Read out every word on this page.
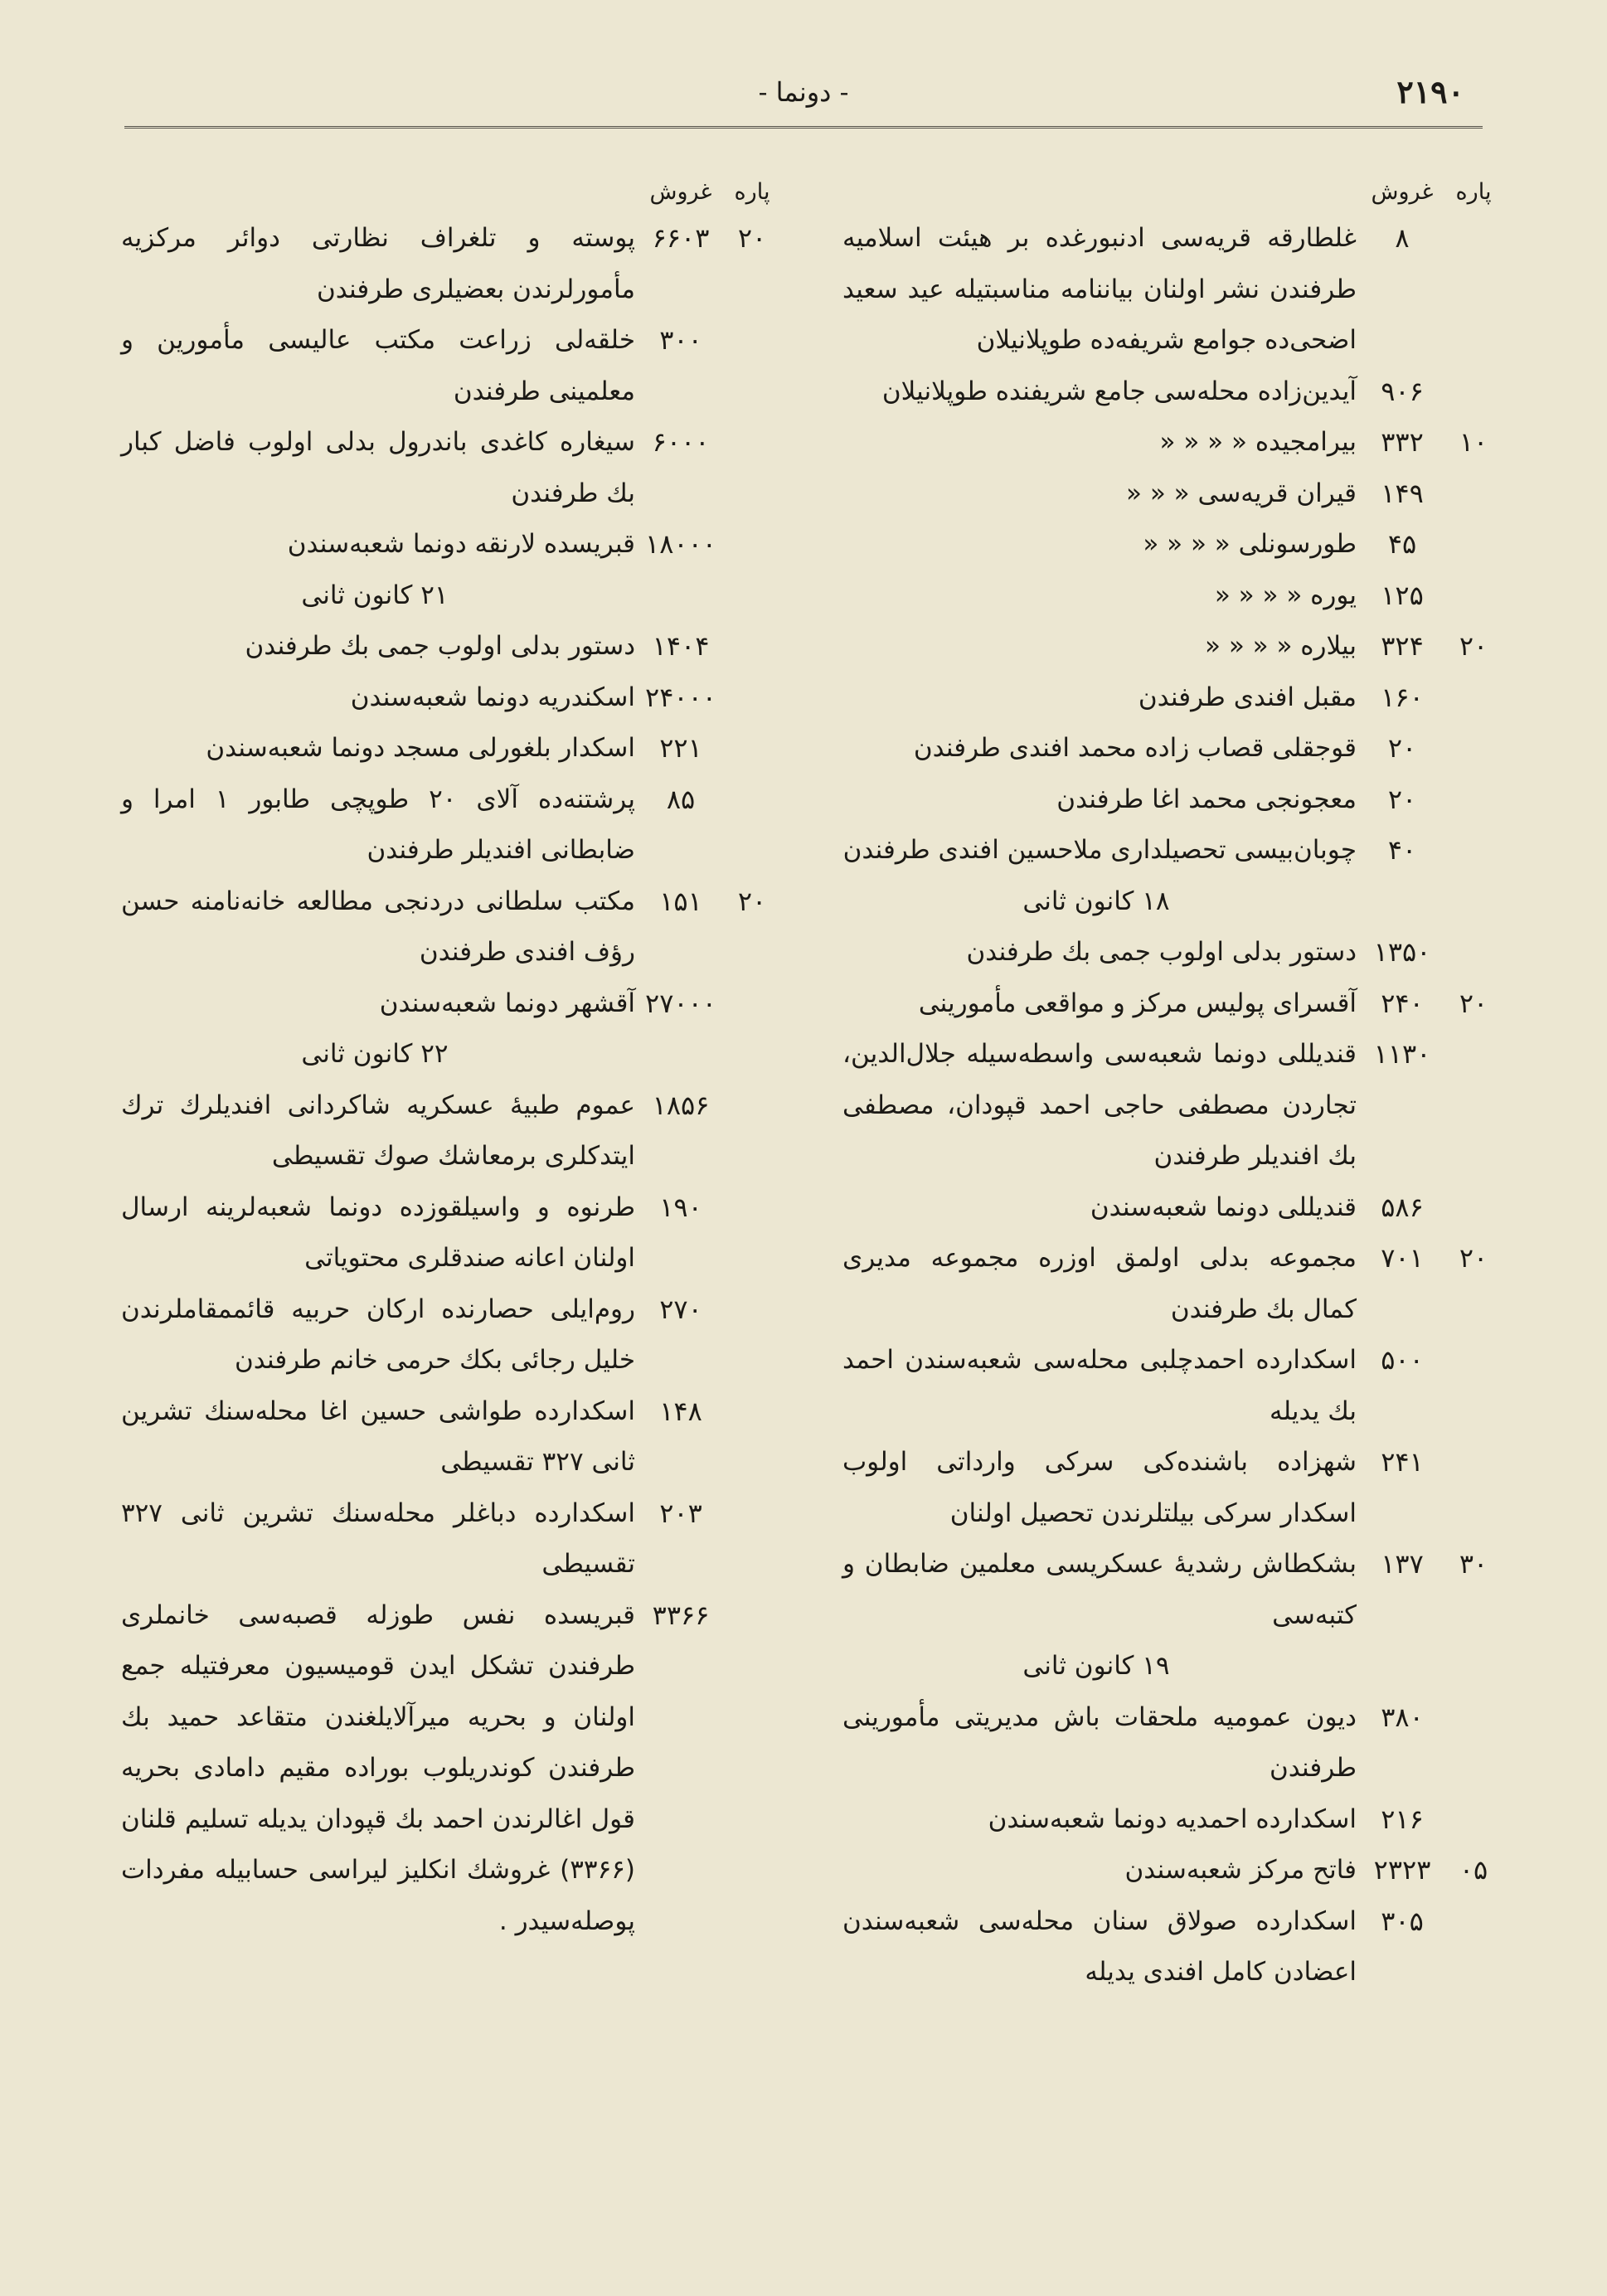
۲۱۹۰
- دونما -
پاره
غروش
۸
غلطارقه قریه‌سی ادنبورغده بر هیئت اسلامیه طرفندن نشر اولنان بیاننامه مناسبتیله عید سعید اضحی‌ده جوامع شریفه‌ده طوپلانیلان
۹۰۶
آیدین‌زاده محله‌سی جامع شریفنده طوپلانیلان
۱۰
۳۳۲
بیرامجیده « « « «
۱۴۹
قیران قریه‌سی « « «
۴۵
طورسونلی « « « «
۱۲۵
یوره « « « «
۲۰
۳۲۴
بیلاره « « « «
۱۶۰
مقبل افندی طرفندن
۲۰
قوجقلی قصاب زاده محمد افندی طرفندن
۲۰
معجونجی محمد اغا طرفندن
۴۰
چوبان‌بیسی تحصیلداری ملاحسین افندی طرفندن
۱۸ کانون ثانی
۱۳۵۰
دستور بدلی اولوب جمی بك طرفندن
۲۰
۲۴۰
آقسرای پولیس مرکز و مواقعی مأمورینی
۱۱۳۰
قندیللی دونما شعبه‌سی واسطه‌سیله جلال‌الدین، تجاردن مصطفی حاجی احمد قپودان، مصطفی بك افندیلر طرفندن
۵۸۶
قندیللی دونما شعبه‌سندن
۲۰
۷۰۱
مجموعه بدلی اولمق اوزره مجموعه مدیری کمال بك طرفندن
۵۰۰
اسکدارده احمدچلبی محله‌سی شعبه‌سندن احمد بك یدیله
۲۴۱
شهزاده باشنده‌کی سرکی وارداتی اولوب اسکدار سرکی بیلتلرندن تحصیل اولنان
۳۰
۱۳۷
بشکطاش رشدیهٔ عسکریسی معلمین ضابطان و کتبه‌سی
۱۹ کانون ثانی
۳۸۰
دیون عمومیه ملحقات باش مدیریتی مأمورینی طرفندن
۲۱۶
اسکدارده احمدیه دونما شعبه‌سندن
۰۵
۲۳۲۳
فاتح مرکز شعبه‌سندن
۳۰۵
اسکدارده صولاق سنان محله‌سی شعبه‌سندن اعضادن کامل افندی یدیله
پاره
غروش
۲۰
۶۶۰۳
پوسته و تلغراف نظارتی دوائر مرکزیه مأمورلرندن بعضیلری طرفندن
۳۰۰
خلقه‌لی زراعت مکتب عالیسی مأمورین و معلمینی طرفندن
۶۰۰۰
سیغاره کاغدی باندرول بدلی اولوب فاضل کبار بك طرفندن
۱۸۰۰۰
قبریسده لارنقه دونما شعبه‌سندن
۲۱ کانون ثانی
۱۴۰۴
دستور بدلی اولوب جمی بك طرفندن
۲۴۰۰۰
اسکندریه دونما شعبه‌سندن
۲۲۱
اسکدار بلغورلی مسجد دونما شعبه‌سندن
۸۵
پرشتنه‌ده آلای ۲۰ طوپچی طابور ۱ امرا و ضابطانی افندیلر طرفندن
۲۰
۱۵۱
مکتب سلطانی دردنجی مطالعه خانه‌نامنه حسن رؤف افندی طرفندن
۲۷۰۰۰
آقشهر دونما شعبه‌سندن
۲۲ کانون ثانی
۱۸۵۶
عموم طبیهٔ عسکریه شاکردانی افندیلرك ترك ایتدکلری برمعاشك صوك تقسیطی
۱۹۰
طرنوه و واسیلقوزده دونما شعبه‌لرینه ارسال اولنان اعانه صندقلری محتویاتی
۲۷۰
روم‌ایلی حصارنده ارکان حربیه قائممقاملرندن خلیل رجائی بکك حرمی خانم طرفندن
۱۴۸
اسکدارده طواشی حسین اغا محله‌سنك تشرین ثانی ۳۲۷ تقسیطی
۲۰۳
اسکدارده دباغلر محله‌سنك تشرین ثانی ۳۲۷ تقسیطی
۳۳۶۶
قبریسده نفس طوزله قصبه‌سی خانملری طرفندن تشکل ایدن قومیسیون معرفتیله جمع اولنان و بحریه میرآلایلغندن متقاعد حمید بك طرفندن کوندریلوب بوراده مقیم دامادی بحریه قول اغالرندن احمد بك قپودان یدیله تسلیم قلنان (۳۳۶۶) غروشك انکلیز لیراسی حسابیله مفردات پوصله‌سیدر .
